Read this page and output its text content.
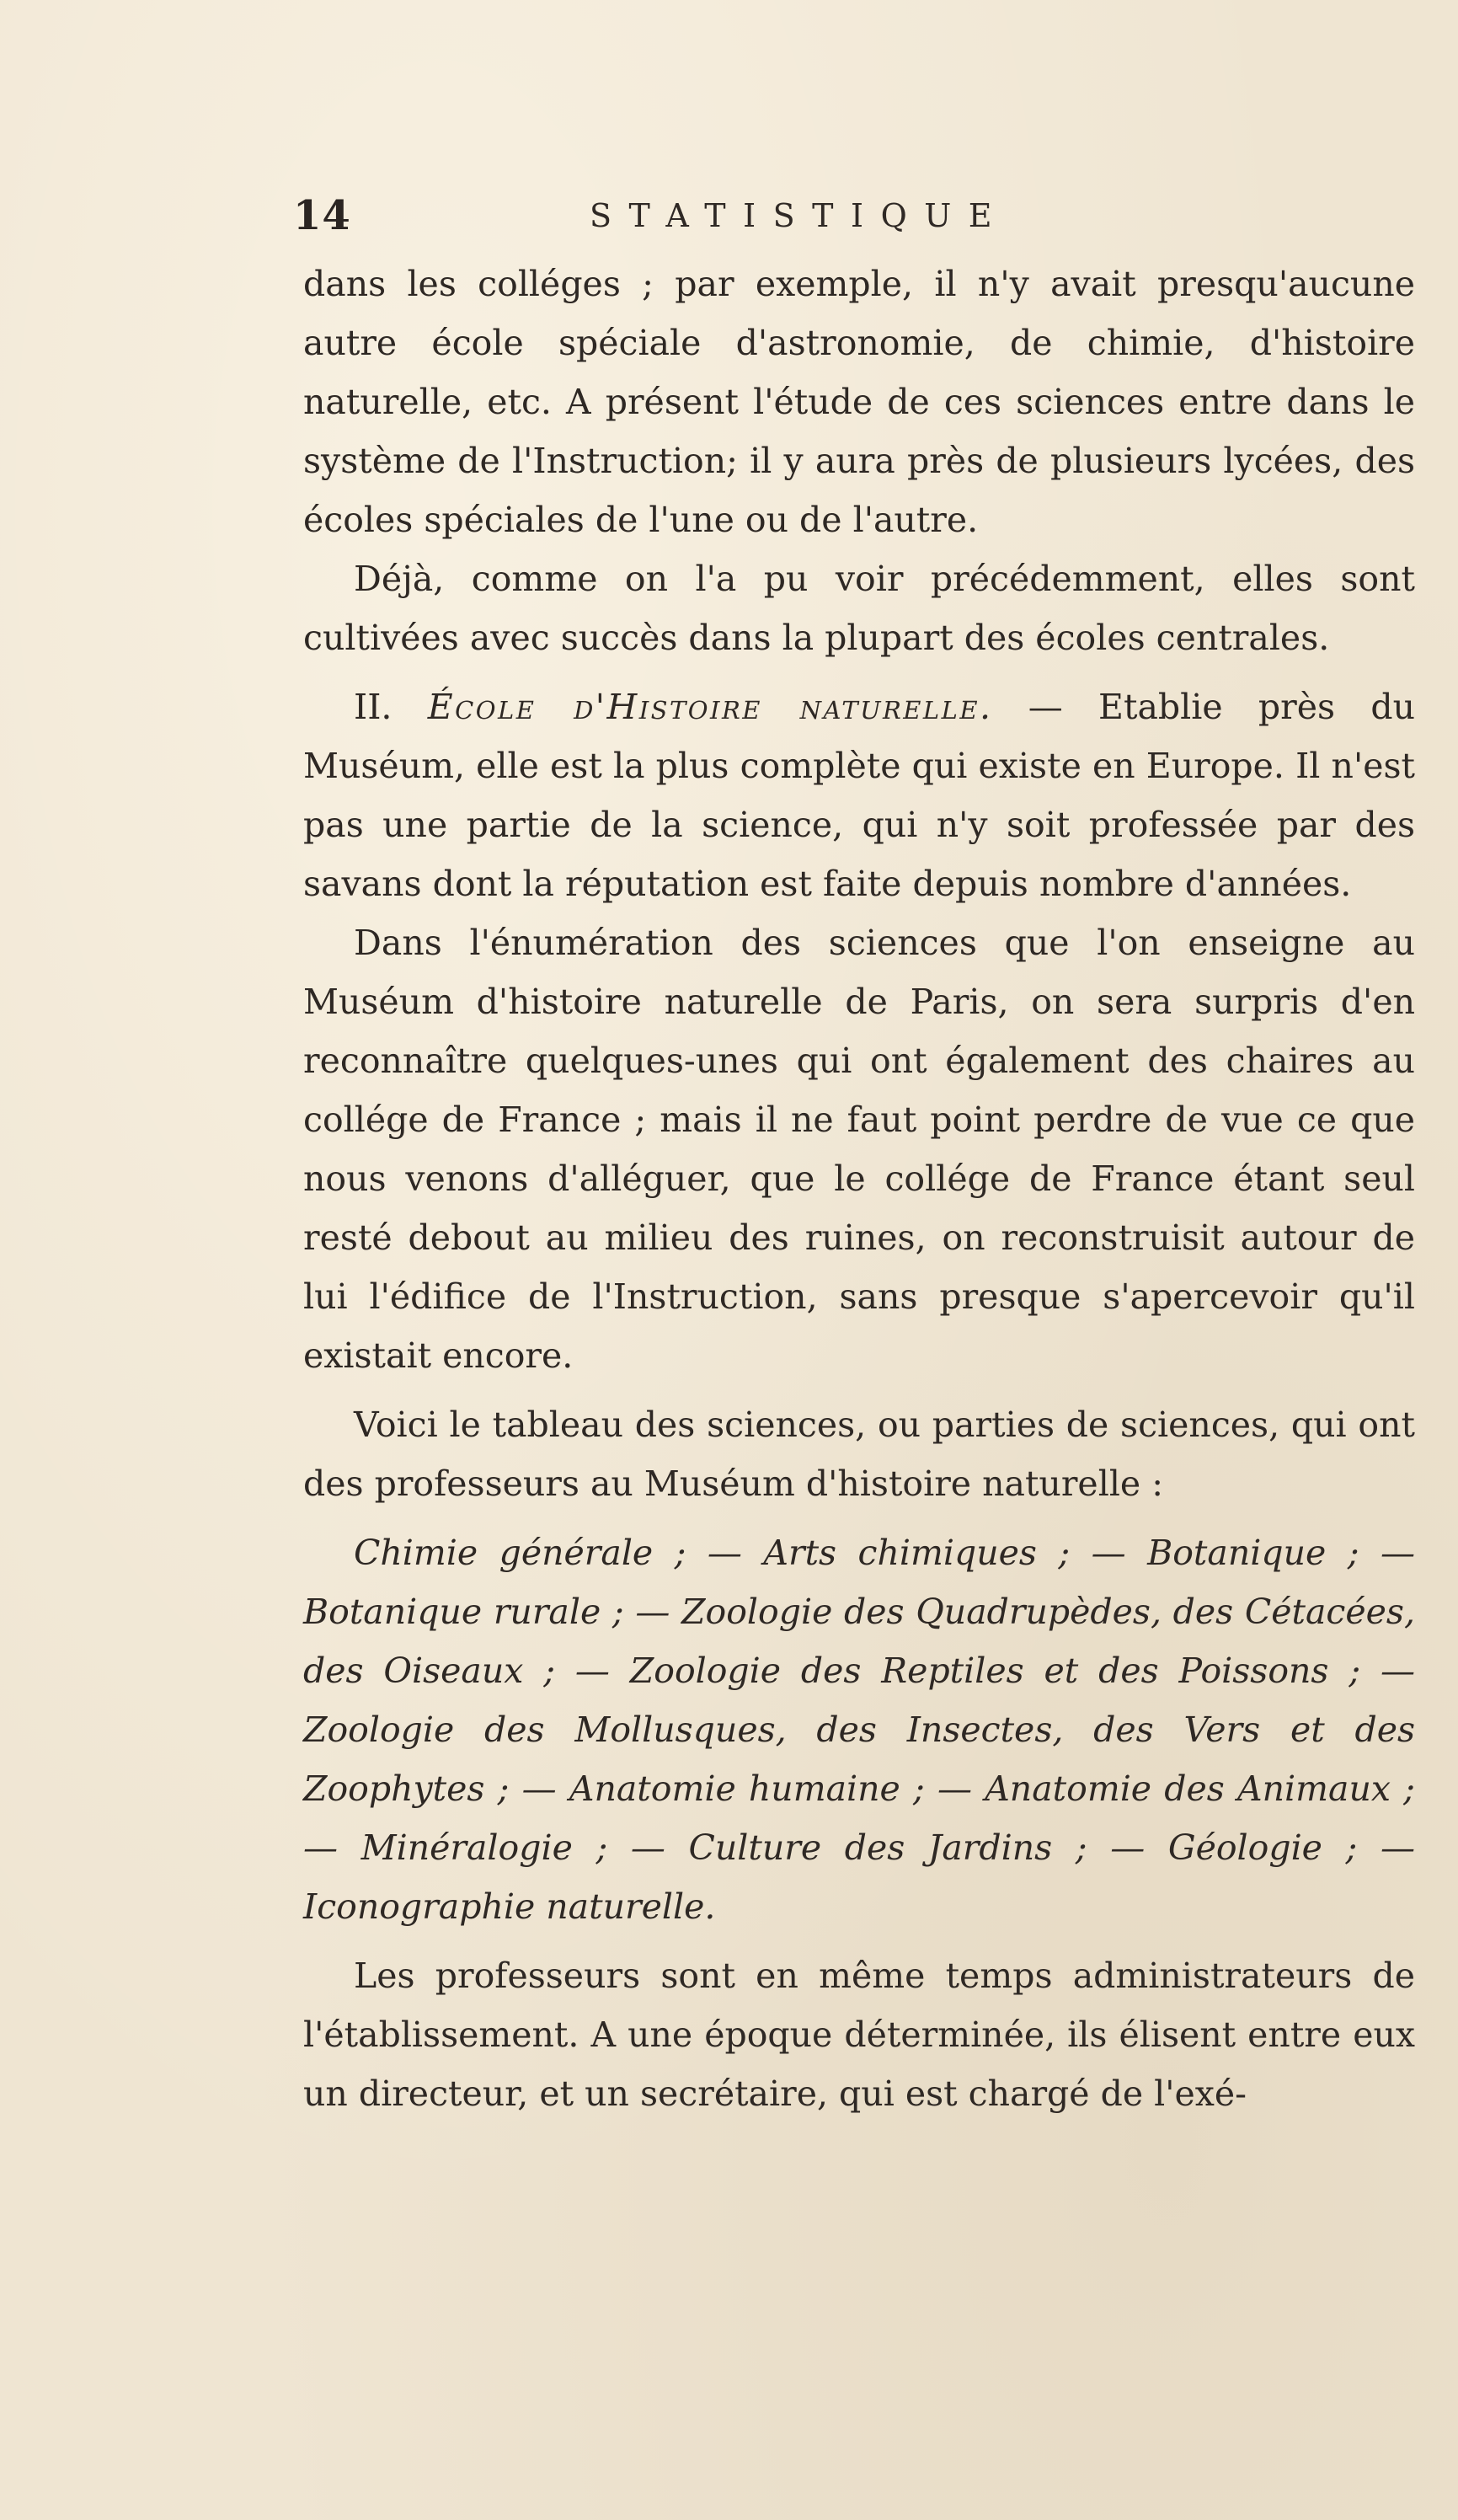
14	STATISTIQUE

dans les colléges ; par exemple, il n'y avait presqu'aucune autre école spéciale d'astronomie, de chimie, d'histoire naturelle, etc. A présent l'étude de ces sciences entre dans le système de l'Instruction; il y aura près de plusieurs lycées, des écoles spéciales de l'une ou de l'autre.

Déjà, comme on l'a pu voir précédemment, elles sont cultivées avec succès dans la plupart des écoles centrales.

II. École d'Histoire naturelle. — Etablie près du Muséum, elle est la plus complète qui existe en Europe. Il n'est pas une partie de la science, qui n'y soit professée par des savans dont la réputation est faite depuis nombre d'années.

Dans l'énumération des sciences que l'on enseigne au Muséum d'histoire naturelle de Paris, on sera surpris d'en reconnaître quelques-unes qui ont également des chaires au collége de France ; mais il ne faut point perdre de vue ce que nous venons d'alléguer, que le collége de France étant seul resté debout au milieu des ruines, on reconstruisit autour de lui l'édifice de l'Instruction, sans presque s'apercevoir qu'il existait encore.

Voici le tableau des sciences, ou parties de sciences, qui ont des professeurs au Muséum d'histoire naturelle :

Chimie générale ; — Arts chimiques ; — Botanique ; — Botanique rurale ; — Zoologie des Quadrupèdes, des Cétacées, des Oiseaux ; — Zoologie des Reptiles et des Poissons ; — Zoologie des Mollusques, des Insectes, des Vers et des Zoophytes ; — Anatomie humaine ; — Anatomie des Animaux ; — Minéralogie ; — Culture des Jardins ; — Géologie ; — Iconographie naturelle.

Les professeurs sont en même temps administrateurs de l'établissement. A une époque déterminée, ils élisent entre eux un directeur, et un secrétaire, qui est chargé de l'exé-
